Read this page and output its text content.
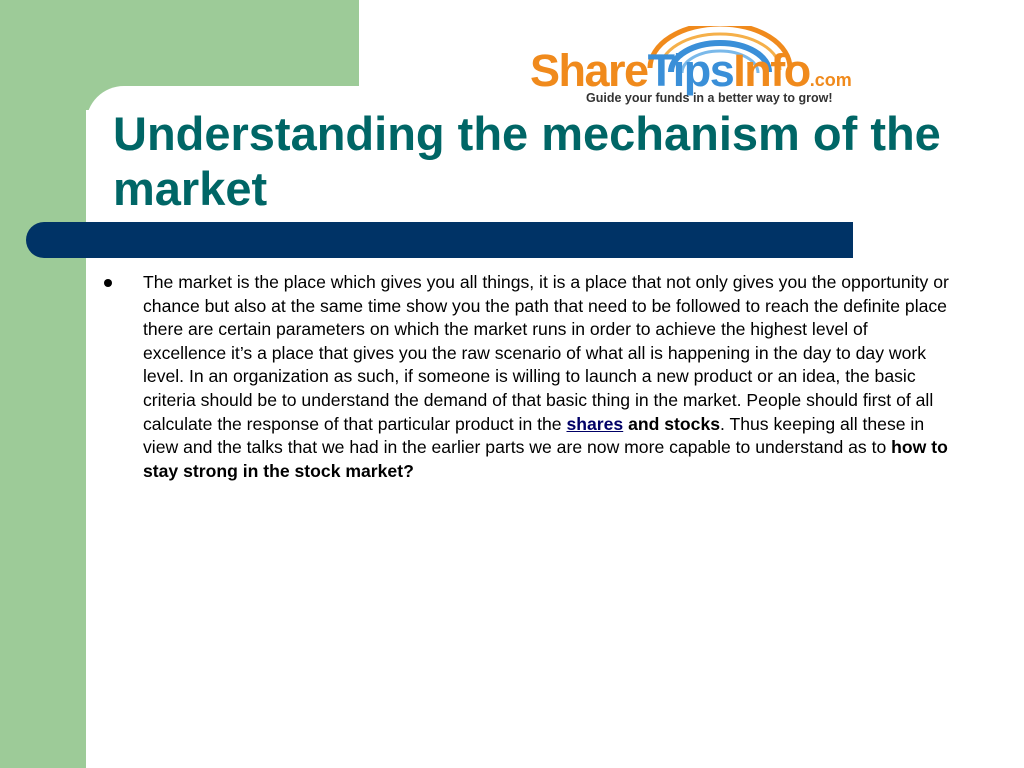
ShareTipsInfo.com
Guide your funds in a better way to grow!
Understanding the mechanism of the market

The market is the place which gives you all things, it is a place that not only gives you the opportunity or chance but also at the same time show you the path that need to be followed to reach the definite place there are certain parameters on which the market runs in order to achieve the highest level of excellence it’s a place that gives you the raw scenario of what all is happening in the day to day work level. In an organization as such, if someone is willing to launch a new product or an idea, the basic criteria should be to understand the demand of that basic thing in the market. People should first of all calculate the response of that particular product in the shares and stocks. Thus keeping all these in view and the talks that we had in the earlier parts we are now more capable to understand as to how to stay strong in the stock market?
